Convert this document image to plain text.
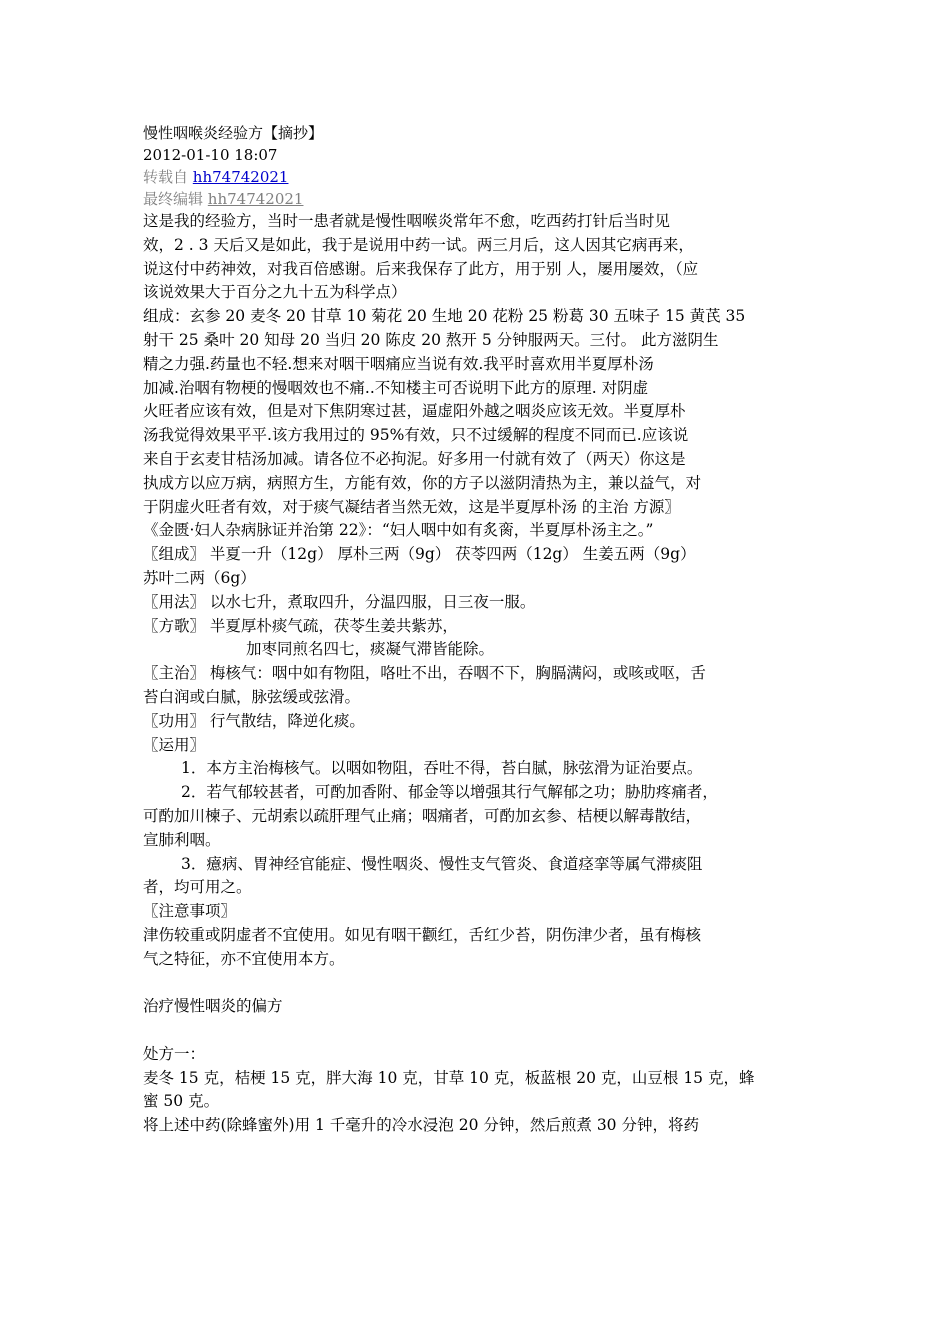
慢性咽喉炎经验方【摘抄】
2012-01-10 18:07
转载自 hh74742021
最终编辑 hh74742021
这是我的经验方，当时一患者就是慢性咽喉炎常年不愈，吃西药打针后当时见
效，2 . 3 天后又是如此，我于是说用中药一试。两三月后，这人因其它病再来，
说这付中药神效，对我百倍感谢。后来我保存了此方，用于别 人，屡用屡效，（应
该说效果大于百分之九十五为科学点）
组成：玄参 20 麦冬 20 甘草 10 菊花 20 生地 20 花粉 25 粉葛 30 五味子 15 黄芪 35
射干 25 桑叶 20 知母 20 当归 20 陈皮 20 熬开 5 分钟服两天。三付。 此方滋阴生
精之力强.药量也不轻.想来对咽干咽痛应当说有效.我平时喜欢用半夏厚朴汤
加减.治咽有物梗的慢咽效也不痛..不知楼主可否说明下此方的原理. 对阴虚
火旺者应该有效，但是对下焦阴寒过甚，逼虚阳外越之咽炎应该无效。半夏厚朴
汤我觉得效果平平.该方我用过的 95%有效，只不过缓解的程度不同而已.应该说
来自于玄麦甘桔汤加减。请各位不必拘泥。好多用一付就有效了（两天）你这是
执成方以应万病，病照方生，方能有效，你的方子以滋阴清热为主，兼以益气，对
于阴虚火旺者有效，对于痰气凝结者当然无效，这是半夏厚朴汤 的主治 方源〗
《金匮·妇人杂病脉证并治第 22》：“妇人咽中如有炙脔，半夏厚朴汤主之。”
〖组成〗 半夏一升（12g） 厚朴三两（9g） 茯苓四两（12g） 生姜五两（9g）
苏叶二两（6g）
〖用法〗 以水七升，煮取四升，分温四服，日三夜一服。
〖方歌〗 半夏厚朴痰气疏，茯苓生姜共紫苏，
加枣同煎名四七，痰凝气滞皆能除。
〖主治〗 梅核气：咽中如有物阻，咯吐不出，吞咽不下，胸膈满闷，或咳或呕，舌
苔白润或白腻，脉弦缓或弦滑。
〖功用〗 行气散结，降逆化痰。
〖运用〗
1．本方主治梅核气。以咽如物阻，吞吐不得，苔白腻，脉弦滑为证治要点。
2．若气郁较甚者，可酌加香附、郁金等以增强其行气解郁之功；胁肋疼痛者，
可酌加川楝子、元胡索以疏肝理气止痛；咽痛者，可酌加玄参、桔梗以解毒散结，
宣肺利咽。
3．癔病、胃神经官能症、慢性咽炎、慢性支气管炎、食道痉挛等属气滞痰阻
者，均可用之。
〖注意事项〗
津伤较重或阴虚者不宜使用。如见有咽干颧红，舌红少苔，阴伤津少者，虽有梅核
气之特征，亦不宜使用本方。
治疗慢性咽炎的偏方
处方一：
麦冬 15 克，桔梗 15 克，胖大海 10 克，甘草 10 克，板蓝根 20 克，山豆根 15 克，蜂
蜜 50 克。
将上述中药(除蜂蜜外)用 1 千毫升的冷水浸泡 20 分钟，然后煎煮 30 分钟，将药
